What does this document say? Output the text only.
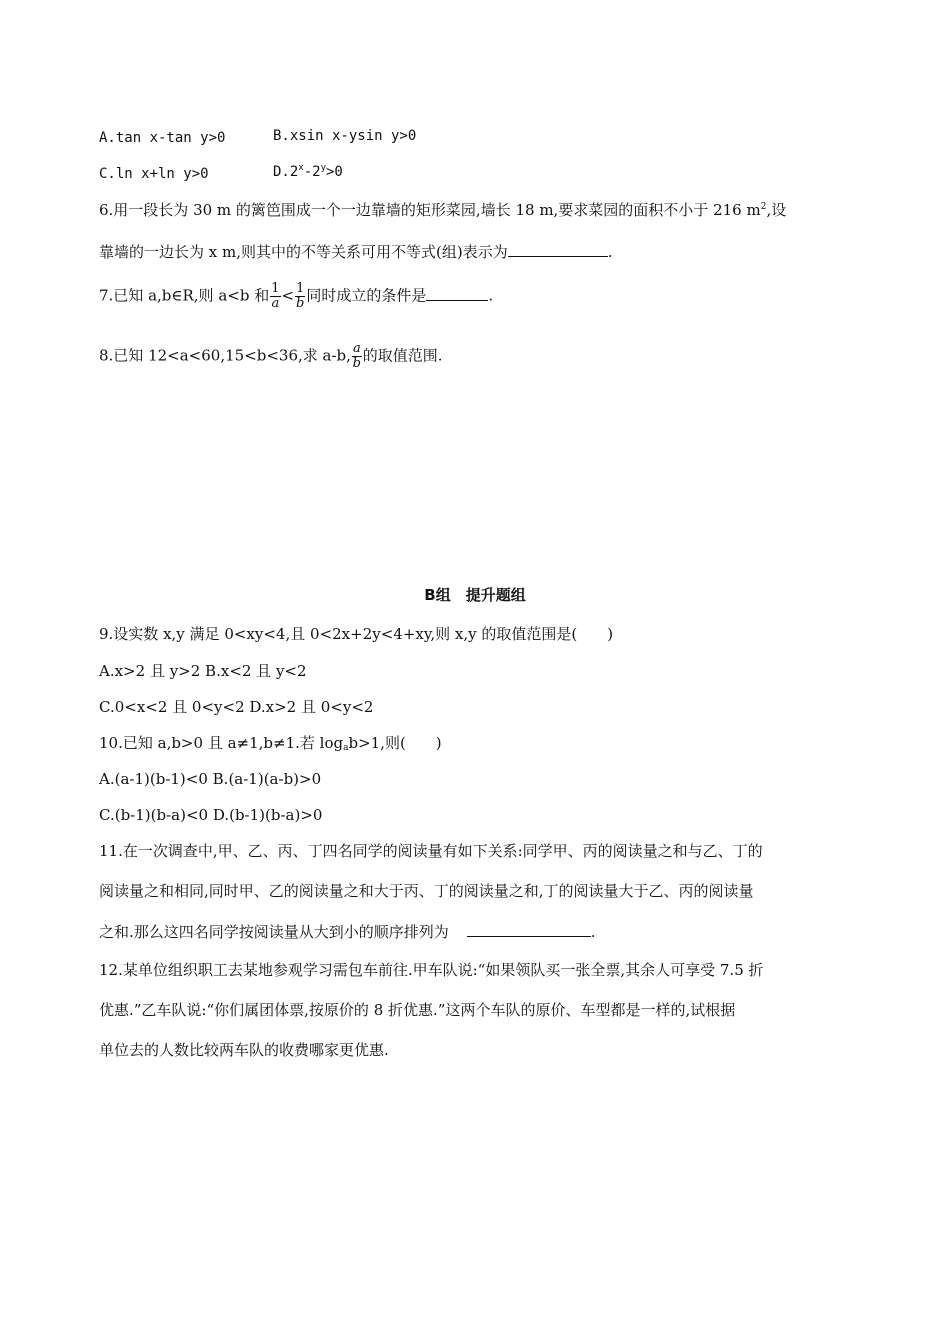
A.tan x-tan y>0	B.xsin x-ysin y>0
C.ln x+ln y>0	$D.2^x-2^y>0$
6.用一段长为 30 m 的篱笆围成一个一边靠墙的矩形菜园,墙长 18 m,要求菜园的面积不小于 216 $m^2$,设
靠墙的一边长为 x m,则其中的不等关系可用不等式(组)表示为	.
7.已知 a,b∈R,则 a<b 和 $\frac{1}{a} < \frac{1}{b}$ 同时成立的条件是	.
8.已知 12<a<60,15<b<36,求 a-b, $\frac{a}{b}$ 的取值范围.
B组　提升题组
9.设实数 x,y 满足 0<xy<4,且 0<2x+2y<4+xy,则 x,y 的取值范围是(　　)
A.x>2 且 y>2 B.x<2 且 y<2
C.0<x<2 且 0<y<2 D.x>2 且 0<y<2
10.已知 a,b>0 且 a≠1,b≠1.若 $\log_ab>1$,则(　　)
A.(a-1)(b-1)<0 B.(a-1)(a-b)>0
C.(b-1)(b-a)<0 D.(b-1)(b-a)>0
11.在一次调查中,甲、乙、丙、丁四名同学的阅读量有如下关系:同学甲、丙的阅读量之和与乙、丁的
阅读量之和相同,同时甲、乙的阅读量之和大于丙、丁的阅读量之和,丁的阅读量大于乙、丙的阅读量
之和.那么这四名同学按阅读量从大到小的顺序排列为	.
12.某单位组织职工去某地参观学习需包车前往.甲车队说:“如果领队买一张全票,其余人可享受 7.5 折
优惠.”乙车队说:“你们属团体票,按原价的 8 折优惠.”这两个车队的原价、车型都是一样的,试根据
单位去的人数比较两车队的收费哪家更优惠.
